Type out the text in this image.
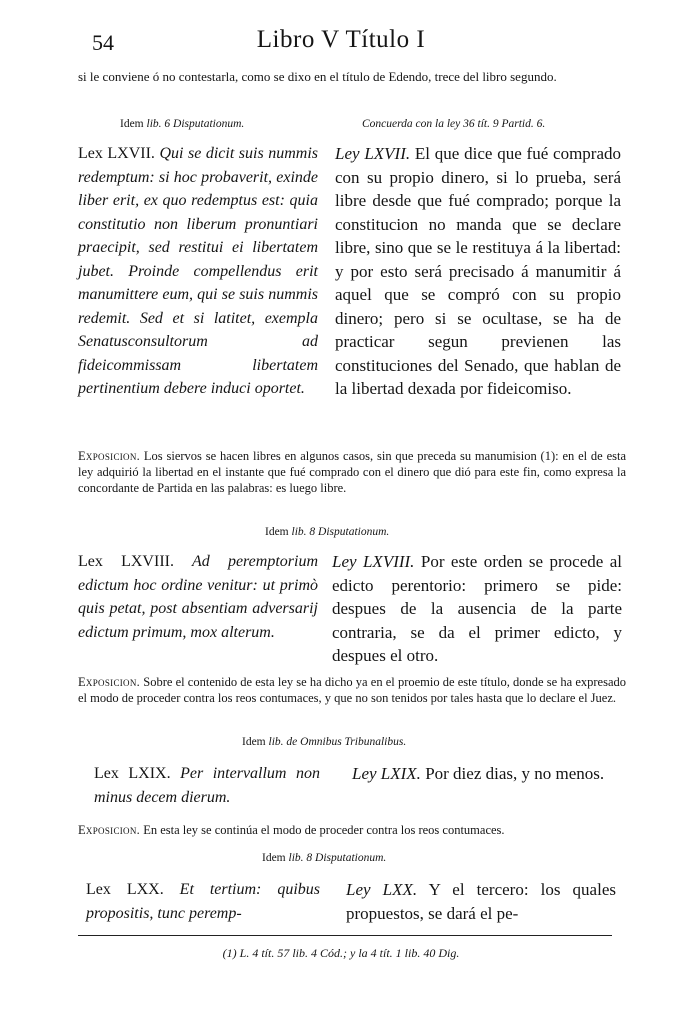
54	Libro V Título I

si le conviene ó no contestarla, como se dixo en el título de Edendo, trece del libro segundo.

Idem lib. 6 Disputationum.	Concuerda con la ley 36 tít. 9 Partid. 6.

Lex LXVII. Qui se dicit suis nummis redemptum: si hoc probaverit, exinde liber erit, ex quo redemptus est: quia constitutio non liberum pronuntiari praecipit, sed restitui ei libertatem jubet. Proinde compellendus erit manumittere eum, qui se suis nummis redemit. Sed et si latitet, exempla Senatusconsultorum ad fideicommissam libertatem pertinentium debere induci oportet.

Ley LXVII. El que dice que fué comprado con su propio dinero, si lo prueba, será libre desde que fué comprado; porque la constitucion no manda que se declare libre, sino que se le restituya á la libertad: y por esto será precisado á manumitir á aquel que se compró con su propio dinero; pero si se ocultase, se ha de practicar segun previenen las constituciones del Senado, que hablan de la libertad dexada por fideicomiso.

Exposicion. Los siervos se hacen libres en algunos casos, sin que preceda su manumision (1): en el de esta ley adquirió la libertad en el instante que fué comprado con el dinero que dió para este fin, como expresa la concordante de Partida en las palabras: es luego libre.

Idem lib. 8 Disputationum.

Lex LXVIII. Ad peremptorium edictum hoc ordine venitur: ut primò quis petat, post absentiam adversarij edictum primum, mox alterum.

Ley LXVIII. Por este orden se procede al edicto perentorio: primero se pide: despues de la ausencia de la parte contraria, se da el primer edicto, y despues el otro.

Exposicion. Sobre el contenido de esta ley se ha dicho ya en el proemio de este título, donde se ha expresado el modo de proceder contra los reos contumaces, y que no son tenidos por tales hasta que lo declare el Juez.

Idem lib. de Omnibus Tribunalibus.

Lex LXIX. Per intervallum non minus decem dierum.

Ley LXIX. Por diez dias, y no menos.

Exposicion. En esta ley se continúa el modo de proceder contra los reos contumaces.

Idem lib. 8 Disputationum.

Lex LXX. Et tertium: quibus propositis, tunc peremp-

Ley LXX. Y el tercero: los quales propuestos, se dará el pe-

(1) L. 4 tít. 57 lib. 4 Cód.; y la 4 tít. 1 lib. 40 Dig.
